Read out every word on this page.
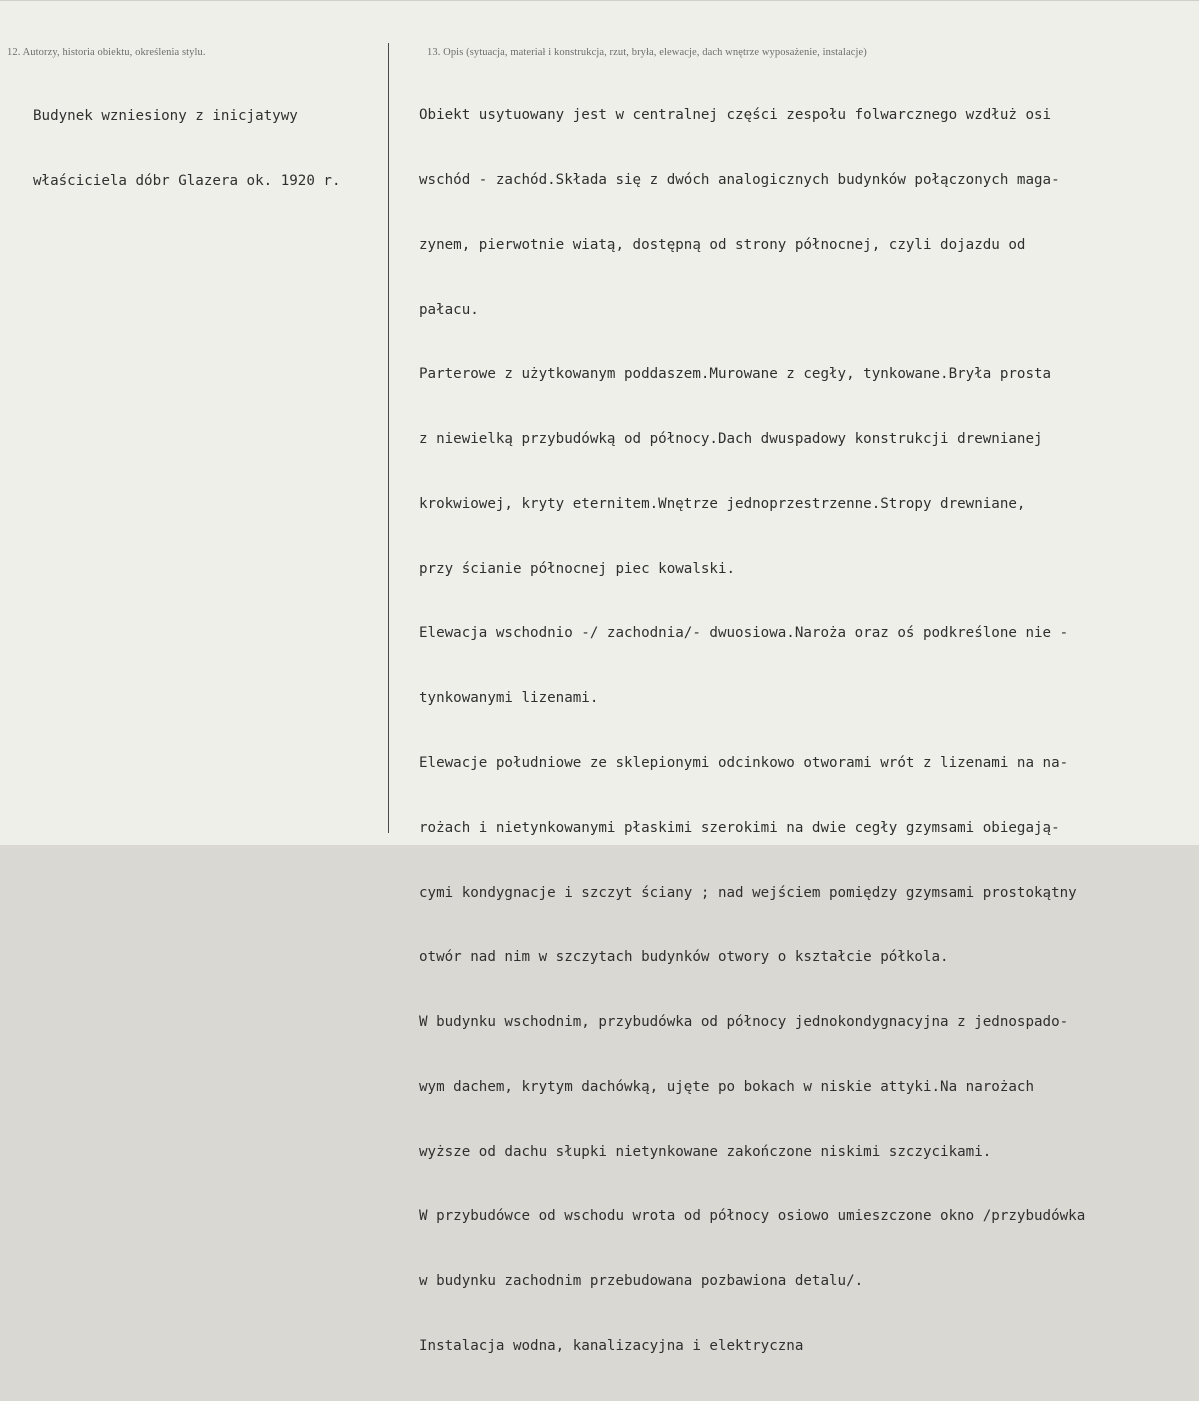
12. Autorzy, historia obiektu, określenia stylu.	13. Opis (sytuacja, materiał i konstrukcja, rzut, bryła, elewacje, dach wnętrze wyposażenie, instalacje)

Budynek wzniesiony z inicjatywy

właściciela dóbr Glazera ok. 1920 r.

Obiekt usytuowany jest w centralnej części zespołu folwarcznego wzdłuż osi

wschód - zachód.Składa się z dwóch analogicznych budynków połączonych maga-

zynem, pierwotnie wiatą, dostępną od strony północnej, czyli dojazdu od

pałacu.

Parterowe z użytkowanym poddaszem.Murowane z cegły, tynkowane.Bryła prosta

z niewielką przybudówką od północy.Dach dwuspadowy konstrukcji drewnianej

krokwiowej, kryty eternitem.Wnętrze jednoprzestrzenne.Stropy drewniane,

przy ścianie północnej piec kowalski.

Elewacja wschodnio -/ zachodnia/- dwuosiowa.Naroża oraz oś podkreślone nie -

tynkowanymi lizenami.

Elewacje południowe ze sklepionymi odcinkowo otworami wrót z lizenami na na-

rożach i nietynkowanymi płaskimi szerokimi na dwie cegły gzymsami obiegają-

cymi kondygnacje i szczyt ściany ; nad wejściem pomiędzy gzymsami prostokątny

otwór nad nim w szczytach budynków otwory o kształcie półkola.

W budynku wschodnim, przybudówka od północy jednokondygnacyjna z jednospado-

wym dachem, krytym dachówką, ujęte po bokach w niskie attyki.Na narożach

wyższe od dachu słupki nietynkowane zakończone niskimi szczycikami.

W przybudówce od wschodu wrota od północy osiowo umieszczone okno /przybudówka

w budynku zachodnim przebudowana pozbawiona detalu/.

Instalacja wodna, kanalizacyjna i elektryczna
